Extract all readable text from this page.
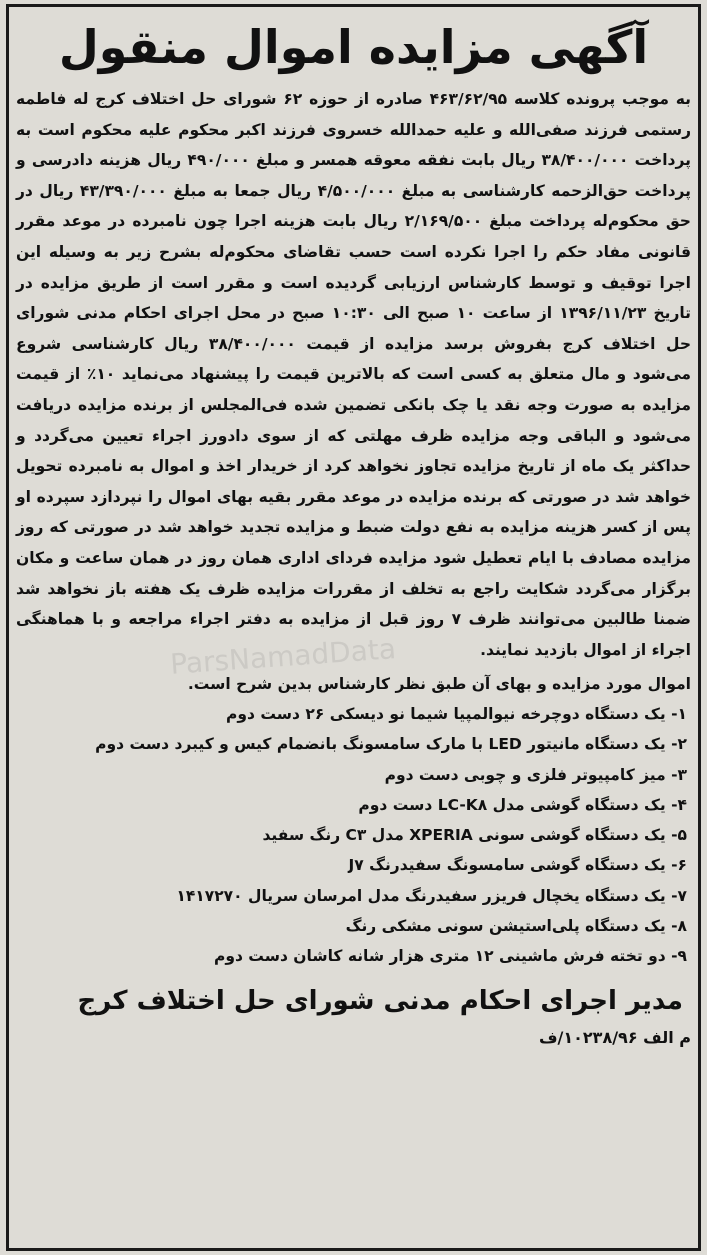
ParsNamadData
آگهی مزایده اموال منقول

به موجب پرونده کلاسه ۴۶۳/۶۲/۹۵ صادره از حوزه ۶۲ شورای حل اختلاف کرج له فاطمه رستمی فرزند صفی‌الله و علیه حمدالله خسروی فرزند اکبر محکوم علیه محکوم است به پرداخت ۳۸/۴۰۰/۰۰۰ ریال بابت نفقه معوقه همسر و مبلغ ۴۹۰/۰۰۰ ریال هزینه دادرسی و پرداخت حق‌الزحمه کارشناسی به مبلغ ۴/۵۰۰/۰۰۰ ریال جمعا به مبلغ ۴۳/۳۹۰/۰۰۰ ریال در حق محکوم‌له پرداخت مبلغ ۲/۱۶۹/۵۰۰ ریال بابت هزینه اجرا چون نامبرده در موعد مقرر قانونی مفاد حکم را اجرا نکرده است حسب تقاضای محکوم‌له بشرح زیر به وسیله این اجرا توقیف و توسط کارشناس ارزیابی گردیده است و مقرر است از طریق مزایده در تاریخ ۱۳۹۶/۱۱/۲۳ از ساعت ۱۰ صبح الی ۱۰:۳۰ صبح در محل اجرای احکام مدنی شورای حل اختلاف کرج بفروش برسد مزایده از قیمت ۳۸/۴۰۰/۰۰۰ ریال کارشناسی شروع می‌شود و مال متعلق به کسی است که بالاترین قیمت را پیشنهاد می‌نماید ۱۰٪ از قیمت مزایده به صورت وجه نقد یا چک بانکی تضمین شده فی‌المجلس از برنده مزایده دریافت می‌شود و الباقی وجه مزایده ظرف مهلتی که از سوی دادورز اجراء تعیین می‌گردد و حداکثر یک ماه از تاریخ مزایده تجاوز نخواهد کرد از خریدار اخذ و اموال به نامبرده تحویل خواهد شد در صورتی که برنده مزایده در موعد مقرر بقیه بهای اموال را نپردازد سپرده او پس از کسر هزینه مزایده به نفع دولت ضبط و مزایده تجدید خواهد شد در صورتی که روز مزایده مصادف با ایام تعطیل شود مزایده فردای اداری همان روز در همان ساعت و مکان برگزار می‌گردد شکایت راجع به تخلف از مقررات مزایده ظرف یک هفته باز نخواهد شد ضمنا طالبین می‌توانند ظرف ۷ روز قبل از مزایده به دفتر اجراء مراجعه و با هماهنگی اجراء از اموال بازدید نمایند.

اموال مورد مزایده و بهای آن طبق نظر کارشناس بدین شرح است.

۱- یک دستگاه دوچرخه نیوالمپیا شیما نو دیسکی ۲۶ دست دوم
۲- یک دستگاه مانیتور LED با مارک سامسونگ بانضمام کیس و کیبرد دست دوم
۳- میز کامپیوتر فلزی و چوبی دست دوم
۴- یک دستگاه گوشی مدل LC-K۸ دست دوم
۵- یک دستگاه گوشی سونی XPERIA مدل C۳ رنگ سفید
۶- یک دستگاه گوشی سامسونگ سفیدرنگ J۷
۷- یک دستگاه یخچال فریزر سفیدرنگ مدل امرسان سریال ۱۴۱۷۲۷۰
۸- یک دستگاه پلی‌استیشن سونی مشکی رنگ
۹- دو تخته فرش ماشینی ۱۲ متری هزار شانه کاشان دست دوم

مدیر اجرای احکام مدنی شورای حل اختلاف کرج

م الف ۱۰۲۳۸/۹۶/ف
